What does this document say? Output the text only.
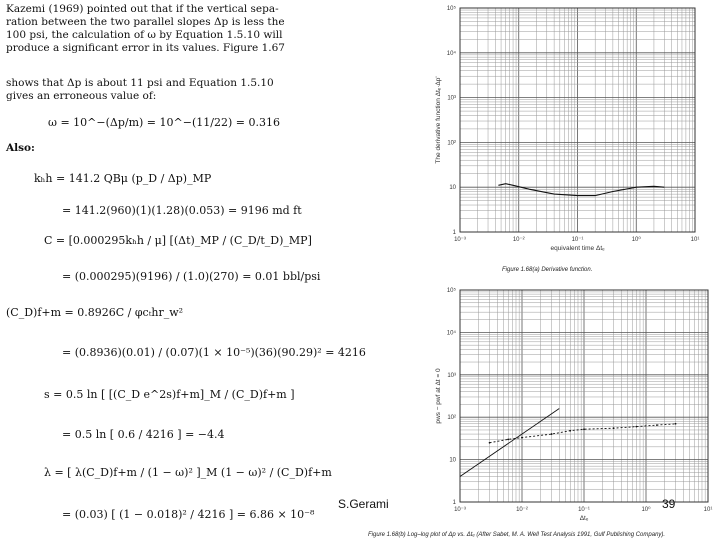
Kazemi (1969) pointed out that if the vertical sepa-
ration between the two parallel slopes Δp is less the
100 psi, the calculation of ω by Equation 1.5.10 will
produce a significant error in its values. Figure 1.67
shows that Δp is about 11 psi and Equation 1.5.10
gives an erroneous value of:
ω = 10^−(Δp/m) = 10^−(11/22) = 0.316
Also:
kₕh = 141.2 QBμ (p_D / Δp)_MP
= 141.2(960)(1)(1.28)(0.053) = 9196 md ft
C = [0.000295kₕh / μ] [(Δt)_MP / (C_D/t_D)_MP]
= (0.000295)(9196) / (1.0)(270) = 0.01 bbl/psi
(C_D)f+m = 0.8926C / φcₜhr_w²
= (0.8936)(0.01) / (0.07)(1 × 10⁻⁵)(36)(90.29)² = 4216
s = 0.5 ln [ [(C_D e^2s)f+m]_M / (C_D)f+m ]
= 0.5 ln [ 0.6 / 4216 ] = −4.4
λ = [ λ(C_D)f+m / (1 − ω)² ]_M (1 − ω)² / (C_D)f+m
= (0.03) [ (1 − 0.018)² / 4216 ] = 6.86 × 10⁻⁸
10⁻³	10⁻²	10⁻¹	10⁰	10¹
1
10
10²
10³
10⁴
10⁵
equivalent time Δtₑ
The derivative function Δtₑ·Δp'
Figure 1.68(a) Derivative function.
10⁻³	10⁻²	10⁻¹	10⁰	10¹
1
10
10²
10³
10⁴
10⁵
Δtₑ
pws − pwf at Δt = 0
Figure 1.68(b) Log–log plot of Δp vs. Δtₑ (After Sabet, M. A. Well Test Analysis 1991, Gulf Publishing Company).
S.Gerami	39
